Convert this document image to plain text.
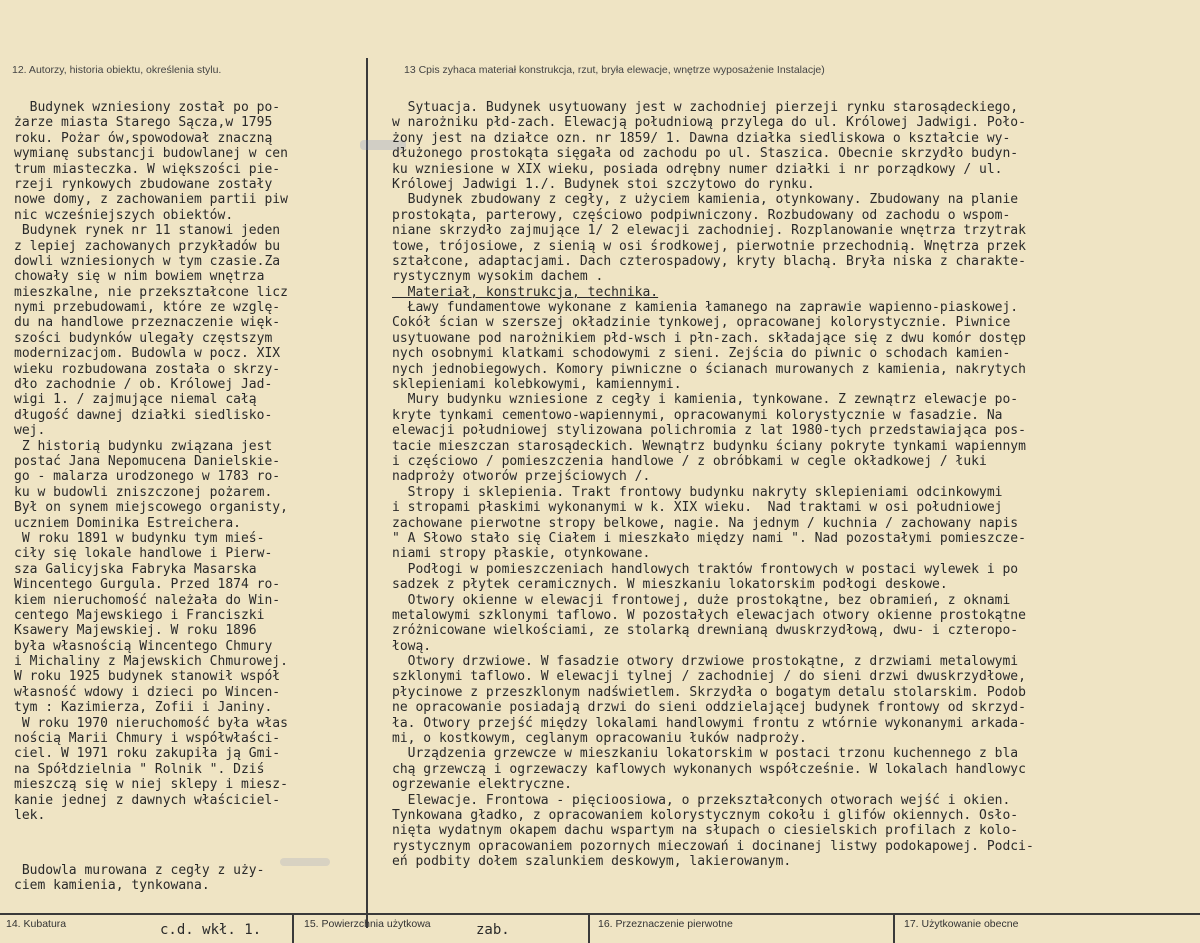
12. Autorzy, historia obiektu, określenia stylu.	13 Cpis zyhaca materiał konstrukcja, rzut, bryła elewacje, wnętrze wyposażenie Instalacje)
Budynek wzniesiony został po po-
żarze miasta Starego Sącza,w 1795
roku. Pożar ów,spowodował znaczną
wymianę substancji budowlanej w cen
trum miasteczka. W większości pie-
rzeji rynkowych zbudowane zostały
nowe domy, z zachowaniem partii piw
nic wcześniejszych obiektów.
Budynek rynek nr 11 stanowi jeden
z lepiej zachowanych przykładów bu
dowli wzniesionych w tym czasie.Za
chowały się w nim bowiem wnętrza
mieszkalne, nie przekształcone licz
nymi przebudowami, które ze wzglę-
du na handlowe przeznaczenie więk-
szości budynków ulegały częstszym
modernizacjom. Budowla w pocz. XIX
wieku rozbudowana została o skrzy-
dło zachodnie / ob. Królowej Jad-
wigi 1. / zajmujące niemal całą
długość dawnej działki siedlisko-
wej.
Z historią budynku związana jest
postać Jana Nepomucena Danielskie-
go - malarza urodzonego w 1783 ro-
ku w budowli zniszczonej pożarem.
Był on synem miejscowego organisty,
uczniem Dominika Estreichera.
W roku 1891 w budynku tym mieś-
ciły się lokale handlowe i Pierw-
sza Galicyjska Fabryka Masarska
Wincentego Gurgula. Przed 1874 ro-
kiem nieruchomość należała do Win-
centego Majewskiego i Franciszki
Ksawery Majewskiej. W roku 1896
była własnością Wincentego Chmury
i Michaliny z Majewskich Chmurowej.
W roku 1925 budynek stanowił współ
własność wdowy i dzieci po Wincen-
tym : Kazimierza, Zofii i Janiny.
W roku 1970 nieruchomość była włas
nością Marii Chmury i współwłaści-
ciel. W 1971 roku zakupiła ją Gmi-
na Spółdzielnia " Rolnik ". Dziś
mieszczą się w niej sklepy i miesz-
kanie jednej z dawnych właściciel-
lek.
Budowla murowana z cegły z uży-
ciem kamienia, tynkowana.
Sytuacja. Budynek usytuowany jest w zachodniej pierzeji rynku starosądeckiego,
w narożniku płd-zach. Elewacją południową przylega do ul. Królowej Jadwigi. Poło-
żony jest na działce ozn. nr 1859/ 1. Dawna działka siedliskowa o kształcie wy-
dłużonego prostokąta sięgała od zachodu po ul. Staszica. Obecnie skrzydło budyn-
ku wzniesione w XIX wieku, posiada odrębny numer działki i nr porządkowy / ul.
Królowej Jadwigi 1./. Budynek stoi szczytowo do rynku.
Budynek zbudowany z cegły, z użyciem kamienia, otynkowany. Zbudowany na planie
prostokąta, parterowy, częściowo podpiwniczony. Rozbudowany od zachodu o wspom-
niane skrzydło zajmujące 1/ 2 elewacji zachodniej. Rozplanowanie wnętrza trzytrak
towe, trójosiowe, z sienią w osi środkowej, pierwotnie przechodnią. Wnętrza przek
ształcone, adaptacjami. Dach czterospadowy, kryty blachą. Bryła niska z charakte-
rystycznym wysokim dachem .
Materiał, konstrukcja, technika.
Ławy fundamentowe wykonane z kamienia łamanego na zaprawie wapienno-piaskowej.
Cokół ścian w szerszej okładzinie tynkowej, opracowanej kolorystycznie. Piwnice
usytuowane pod narożnikiem płd-wsch i płn-zach. składające się z dwu komór dostęp
nych osobnymi klatkami schodowymi z sieni. Zejścia do piwnic o schodach kamien-
nych jednobiegowych. Komory piwniczne o ścianach murowanych z kamienia, nakrytych
sklepieniami kolebkowymi, kamiennymi.
Mury budynku wzniesione z cegły i kamienia, tynkowane. Z zewnątrz elewacje po-
kryte tynkami cementowo-wapiennymi, opracowanymi kolorystycznie w fasadzie. Na
elewacji południowej stylizowana polichromia z lat 1980-tych przedstawiająca pos-
tacie mieszczan starosądeckich. Wewnątrz budynku ściany pokryte tynkami wapiennym
i częściowo / pomieszczenia handlowe / z obróbkami w cegle okładkowej / łuki
nadproży otworów przejściowych /.
Stropy i sklepienia. Trakt frontowy budynku nakryty sklepieniami odcinkowymi
i stropami płaskimi wykonanymi w k. XIX wieku.  Nad traktami w osi południowej
zachowane pierwotne stropy belkowe, nagie. Na jednym / kuchnia / zachowany napis
" A Słowo stało się Ciałem i mieszkało między nami ". Nad pozostałymi pomieszcze-
niami stropy płaskie, otynkowane.
Podłogi w pomieszczeniach handlowych traktów frontowych w postaci wylewek i po
sadzek z płytek ceramicznych. W mieszkaniu lokatorskim podłogi deskowe.
Otwory okienne w elewacji frontowej, duże prostokątne, bez obramień, z oknami
metalowymi szklonymi taflowo. W pozostałych elewacjach otwory okienne prostokątne
zróżnicowane wielkościami, ze stolarką drewnianą dwuskrzydłową, dwu- i czteropo-
łową.
Otwory drzwiowe. W fasadzie otwory drzwiowe prostokątne, z drzwiami metalowymi
szklonymi taflowo. W elewacji tylnej / zachodniej / do sieni drzwi dwuskrzydłowe,
płycinowe z przeszklonym nadświetlem. Skrzydła o bogatym detalu stolarskim. Podob
ne opracowanie posiadają drzwi do sieni oddzielającej budynek frontowy od skrzyd-
ła. Otwory przejść między lokalami handlowymi frontu z wtórnie wykonanymi arkada-
mi, o kostkowym, ceglanym opracowaniu łuków nadproży.
Urządzenia grzewcze w mieszkaniu lokatorskim w postaci trzonu kuchennego z bla
chą grzewczą i ogrzewaczy kaflowych wykonanych współcześnie. W lokalach handlowyc
ogrzewanie elektryczne.
Elewacje. Frontowa - pięcioosiowa, o przekształconych otworach wejść i okien.
Tynkowana gładko, z opracowaniem kolorystycznym cokołu i glifów okiennych. Osło-
nięta wydatnym okapem dachu wspartym na słupach o ciesielskich profilach z kolo-
rystycznym opracowaniem pozornych mieczowań i docinanej listwy podokapowej. Podci-
eń podbity dołem szalunkiem deskowym, lakierowanym.
14. Kubatura	c.d. wkł. 1.	15. Powierzchnia użytkowa	zab.	16. Przeznaczenie pierwotne	17. Użytkowanie obecne
